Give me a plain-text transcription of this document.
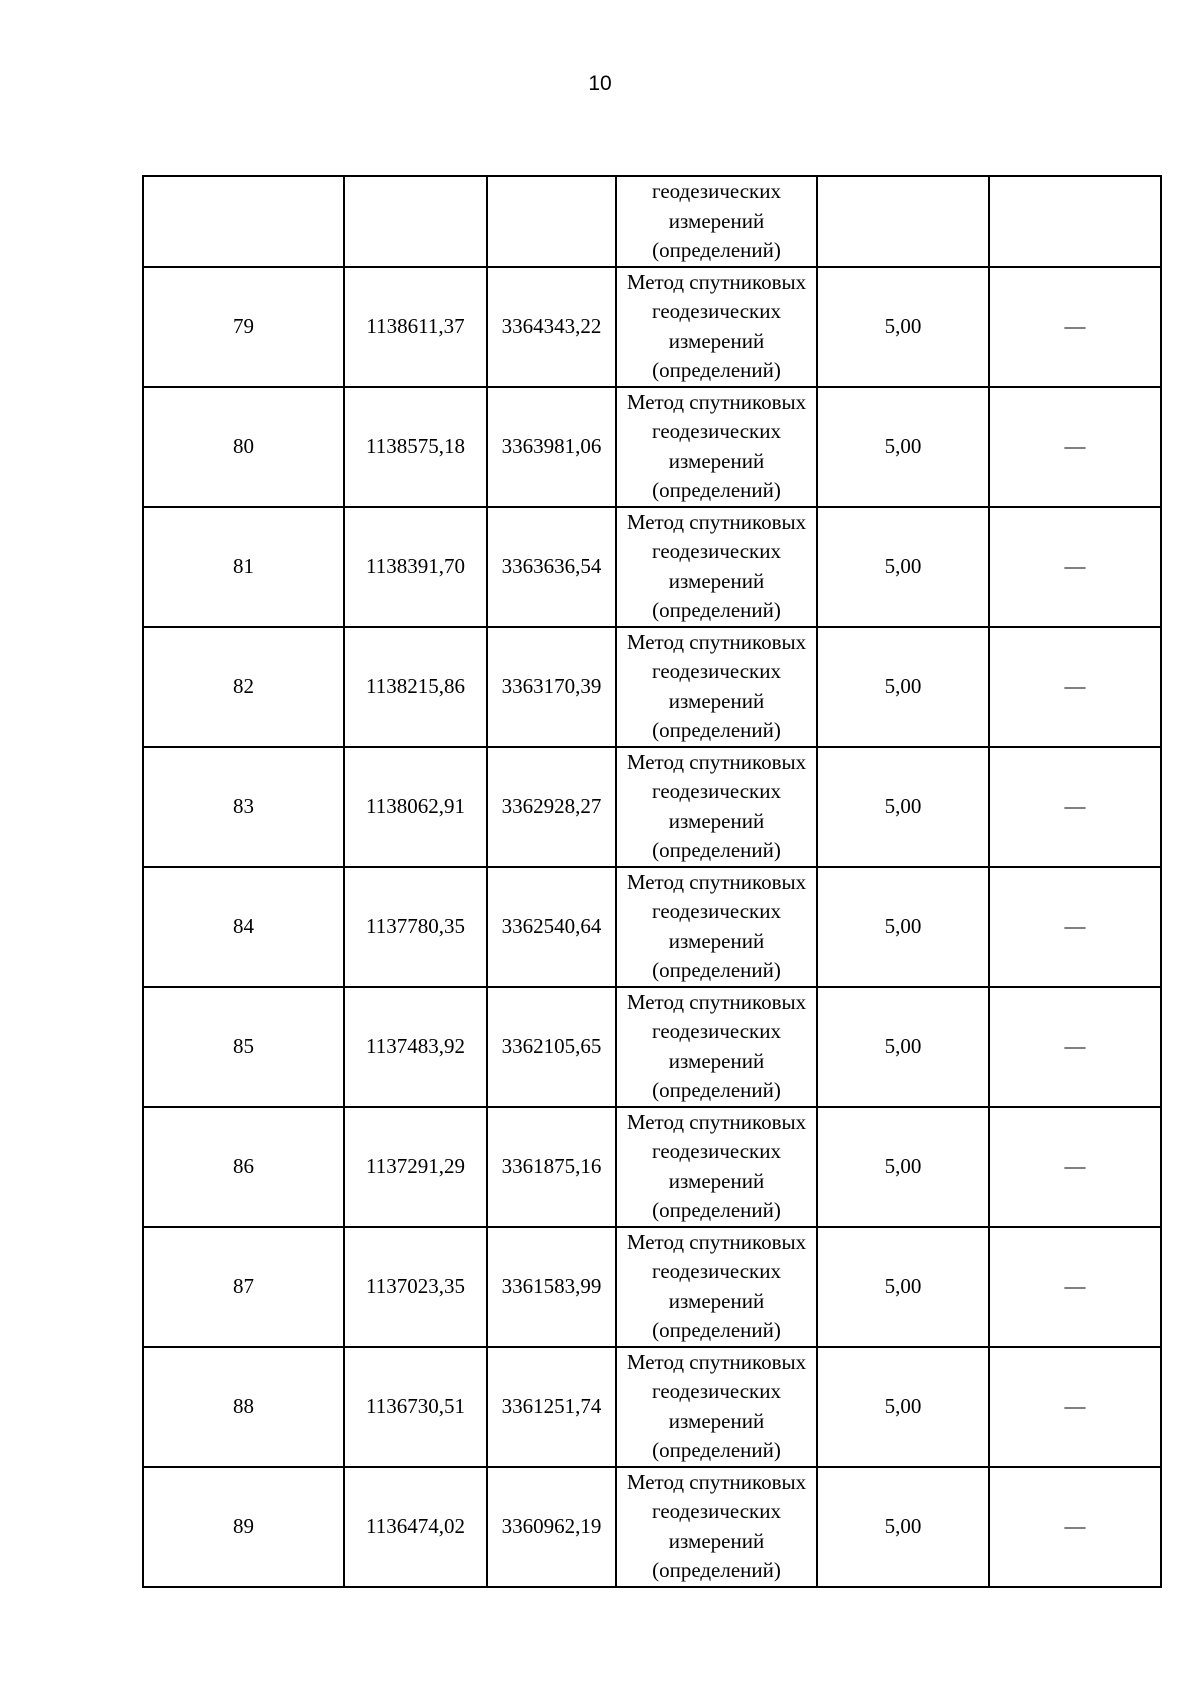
10

			геодезических
измерений
(определений)		

79	1138611,37	3364343,22	Метод спутниковых
геодезических
измерений
(определений)	5,00	—
80	1138575,18	3363981,06	Метод спутниковых
геодезических
измерений
(определений)	5,00	—
81	1138391,70	3363636,54	Метод спутниковых
геодезических
измерений
(определений)	5,00	—
82	1138215,86	3363170,39	Метод спутниковых
геодезических
измерений
(определений)	5,00	—
83	1138062,91	3362928,27	Метод спутниковых
геодезических
измерений
(определений)	5,00	—
84	1137780,35	3362540,64	Метод спутниковых
геодезических
измерений
(определений)	5,00	—
85	1137483,92	3362105,65	Метод спутниковых
геодезических
измерений
(определений)	5,00	—
86	1137291,29	3361875,16	Метод спутниковых
геодезических
измерений
(определений)	5,00	—
87	1137023,35	3361583,99	Метод спутниковых
геодезических
измерений
(определений)	5,00	—
88	1136730,51	3361251,74	Метод спутниковых
геодезических
измерений
(определений)	5,00	—
89	1136474,02	3360962,19	Метод спутниковых
геодезических
измерений
(определений)	5,00	—
